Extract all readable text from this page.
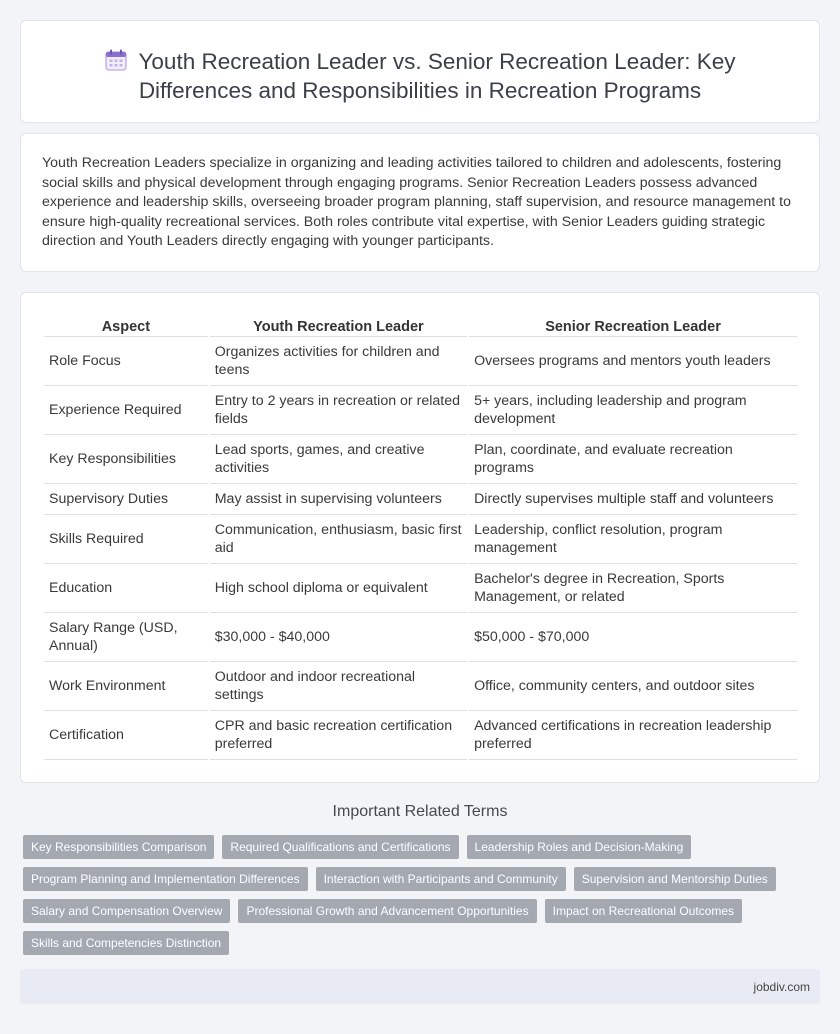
Youth Recreation Leader vs. Senior Recreation Leader: Key Differences and Responsibilities in Recreation Programs

Youth Recreation Leaders specialize in organizing and leading activities tailored to children and adolescents, fostering social skills and physical development through engaging programs. Senior Recreation Leaders possess advanced experience and leadership skills, overseeing broader program planning, staff supervision, and resource management to ensure high-quality recreational services. Both roles contribute vital expertise, with Senior Leaders guiding strategic direction and Youth Leaders directly engaging with younger participants.

Aspect	Youth Recreation Leader	Senior Recreation Leader
Role Focus	Organizes activities for children and teens	Oversees programs and mentors youth leaders
Experience Required	Entry to 2 years in recreation or related fields	5+ years, including leadership and program development
Key Responsibilities	Lead sports, games, and creative activities	Plan, coordinate, and evaluate recreation programs
Supervisory Duties	May assist in supervising volunteers	Directly supervises multiple staff and volunteers
Skills Required	Communication, enthusiasm, basic first aid	Leadership, conflict resolution, program management
Education	High school diploma or equivalent	Bachelor's degree in Recreation, Sports Management, or related
Salary Range (USD, Annual)	$30,000 - $40,000	$50,000 - $70,000
Work Environment	Outdoor and indoor recreational settings	Office, community centers, and outdoor sites
Certification	CPR and basic recreation certification preferred	Advanced certifications in recreation leadership preferred
Important Related Terms
Key Responsibilities Comparison	Required Qualifications and Certifications	Leadership Roles and Decision-Making
Program Planning and Implementation Differences	Interaction with Participants and Community	Supervision and Mentorship Duties
Salary and Compensation Overview	Professional Growth and Advancement Opportunities	Impact on Recreational Outcomes
Skills and Competencies Distinction
jobdiv.com
